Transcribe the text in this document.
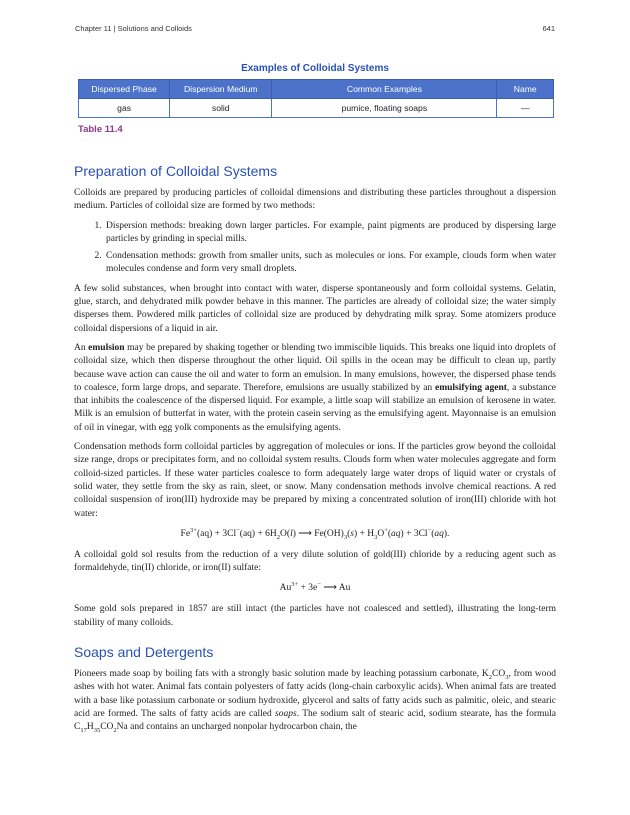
Chapter 11 | Solutions and Colloids	641
Examples of Colloidal Systems
Dispersed Phase	Dispersion Medium	Common Examples	Name
gas	solid	pumice, floating soaps	—
Table 11.4
Preparation of Colloidal Systems

Colloids are prepared by producing particles of colloidal dimensions and distributing these particles throughout a dispersion medium. Particles of colloidal size are formed by two methods:

1. Dispersion methods: breaking down larger particles. For example, paint pigments are produced by dispersing large particles by grinding in special mills.
2. Condensation methods: growth from smaller units, such as molecules or ions. For example, clouds form when water molecules condense and form very small droplets.

A few solid substances, when brought into contact with water, disperse spontaneously and form colloidal systems. Gelatin, glue, starch, and dehydrated milk powder behave in this manner. The particles are already of colloidal size; the water simply disperses them. Powdered milk particles of colloidal size are produced by dehydrating milk spray. Some atomizers produce colloidal dispersions of a liquid in air.

An emulsion may be prepared by shaking together or blending two immiscible liquids. This breaks one liquid into droplets of colloidal size, which then disperse throughout the other liquid. Oil spills in the ocean may be difficult to clean up, partly because wave action can cause the oil and water to form an emulsion. In many emulsions, however, the dispersed phase tends to coalesce, form large drops, and separate. Therefore, emulsions are usually stabilized by an emulsifying agent, a substance that inhibits the coalescence of the dispersed liquid. For example, a little soap will stabilize an emulsion of kerosene in water. Milk is an emulsion of butterfat in water, with the protein casein serving as the emulsifying agent. Mayonnaise is an emulsion of oil in vinegar, with egg yolk components as the emulsifying agents.

Condensation methods form colloidal particles by aggregation of molecules or ions. If the particles grow beyond the colloidal size range, drops or precipitates form, and no colloidal system results. Clouds form when water molecules aggregate and form colloid-sized particles. If these water particles coalesce to form adequately large water drops of liquid water or crystals of solid water, they settle from the sky as rain, sleet, or snow. Many condensation methods involve chemical reactions. A red colloidal suspension of iron(III) hydroxide may be prepared by mixing a concentrated solution of iron(III) chloride with hot water:

$Fe^{3+}(aq) + 3Cl^-(aq) + 6H_2O(l)$ ⟶ $Fe(OH)_3(s) + H_3O^+(aq) + 3Cl^-(aq)$.

A colloidal gold sol results from the reduction of a very dilute solution of gold(III) chloride by a reducing agent such as formaldehyde, tin(II) chloride, or iron(II) sulfate:

$Au^{3+} + 3e^-$ ⟶ Au

Some gold sols prepared in 1857 are still intact (the particles have not coalesced and settled), illustrating the long-term stability of many colloids.

Soaps and Detergents

Pioneers made soap by boiling fats with a strongly basic solution made by leaching potassium carbonate, $K_2CO_3$, from wood ashes with hot water. Animal fats contain polyesters of fatty acids (long-chain carboxylic acids). When animal fats are treated with a base like potassium carbonate or sodium hydroxide, glycerol and salts of fatty acids such as palmitic, oleic, and stearic acid are formed. The salts of fatty acids are called soaps. The sodium salt of stearic acid, sodium stearate, has the formula $C_{17}H_{35}CO_2Na$ and contains an uncharged nonpolar hydrocarbon chain, the
